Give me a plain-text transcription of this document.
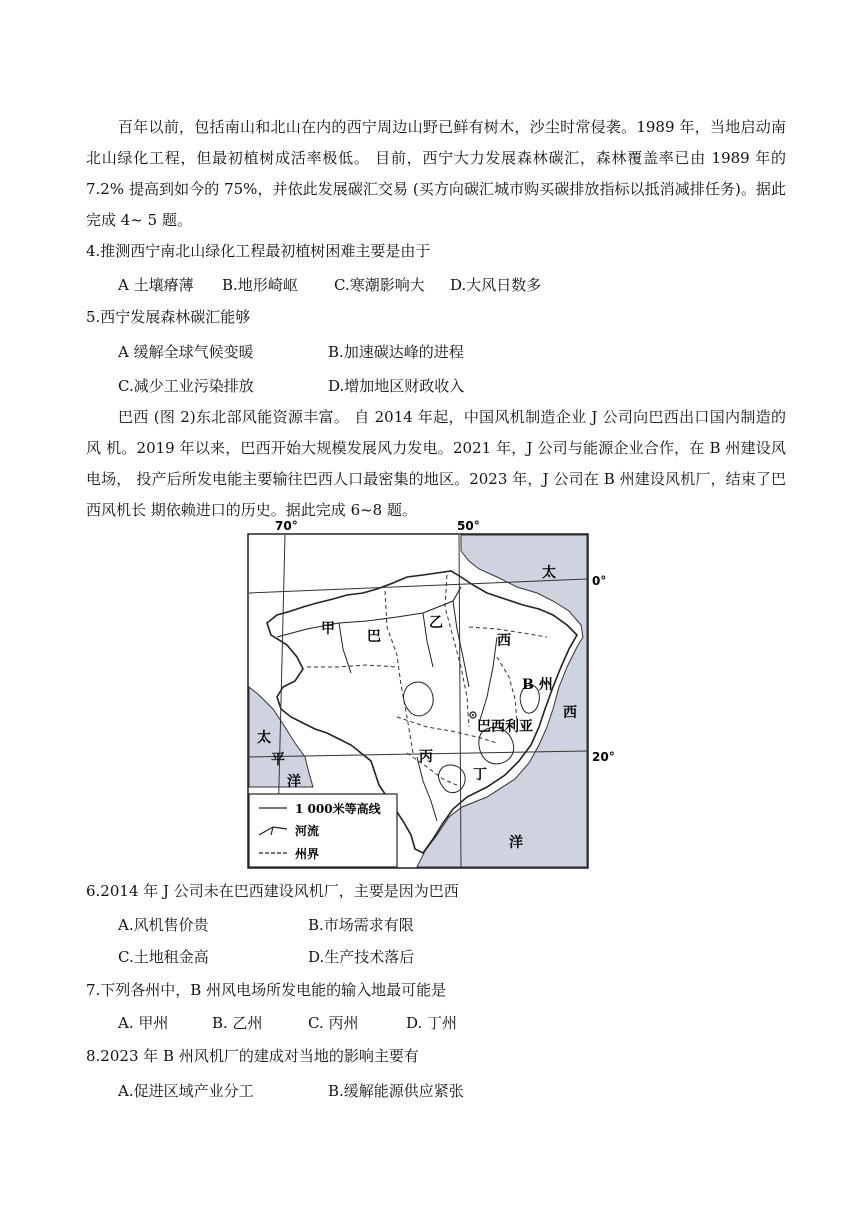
百年以前，包括南山和北山在内的西宁周边山野已鲜有树木，沙尘时常侵袭。1989 年，当地启动南 北山绿化工程，但最初植树成活率极低。 目前，西宁大力发展森林碳汇，森林覆盖率已由 1989 年的 7.2% 提高到如今的 75%，并依此发展碳汇交易 (买方向碳汇城市购买碳排放指标以抵消减排任务)。据此完成 4~ 5 题。

4.推测西宁南北山绿化工程最初植树困难主要是由于

A 土壤瘠薄 B.地形崎岖 C.寒潮影响大 D.大风日数多

5.西宁发展森林碳汇能够

A 缓解全球气候变暖	B.加速碳达峰的进程

C.减少工业污染排放	D.增加地区财政收入

巴西 (图 2)东北部风能资源丰富。 自 2014 年起，中国风机制造企业 J 公司向巴西出口国内制造的风 机。2019 年以来，巴西开始大规模发展风力发电。2021 年，J 公司与能源企业合作，在 B 州建设风电场， 投产后所发电能主要输往巴西人口最密集的地区。2023 年，J 公司在 B 州建设风机厂，结束了巴西风机长 期依赖进口的历史。据此完成 6~8 题。
70°	50°
0°
20°
甲 巴
乙
西
B 州
西
巴西利亚
丙
丁
太
太
平
洋
洋
1 000米等高线
河流
州界

6.2014 年 J 公司未在巴西建设风机厂，主要是因为巴西

A.风机售价贵	B.市场需求有限

C.土地租金高	D.生产技术落后

7.下列各州中，B 州风电场所发电能的输入地最可能是

A. 甲州	B. 乙州	C. 丙州	D. 丁州

8.2023 年 B 州风机厂的建成对当地的影响主要有

A.促进区域产业分工	B.缓解能源供应紧张
